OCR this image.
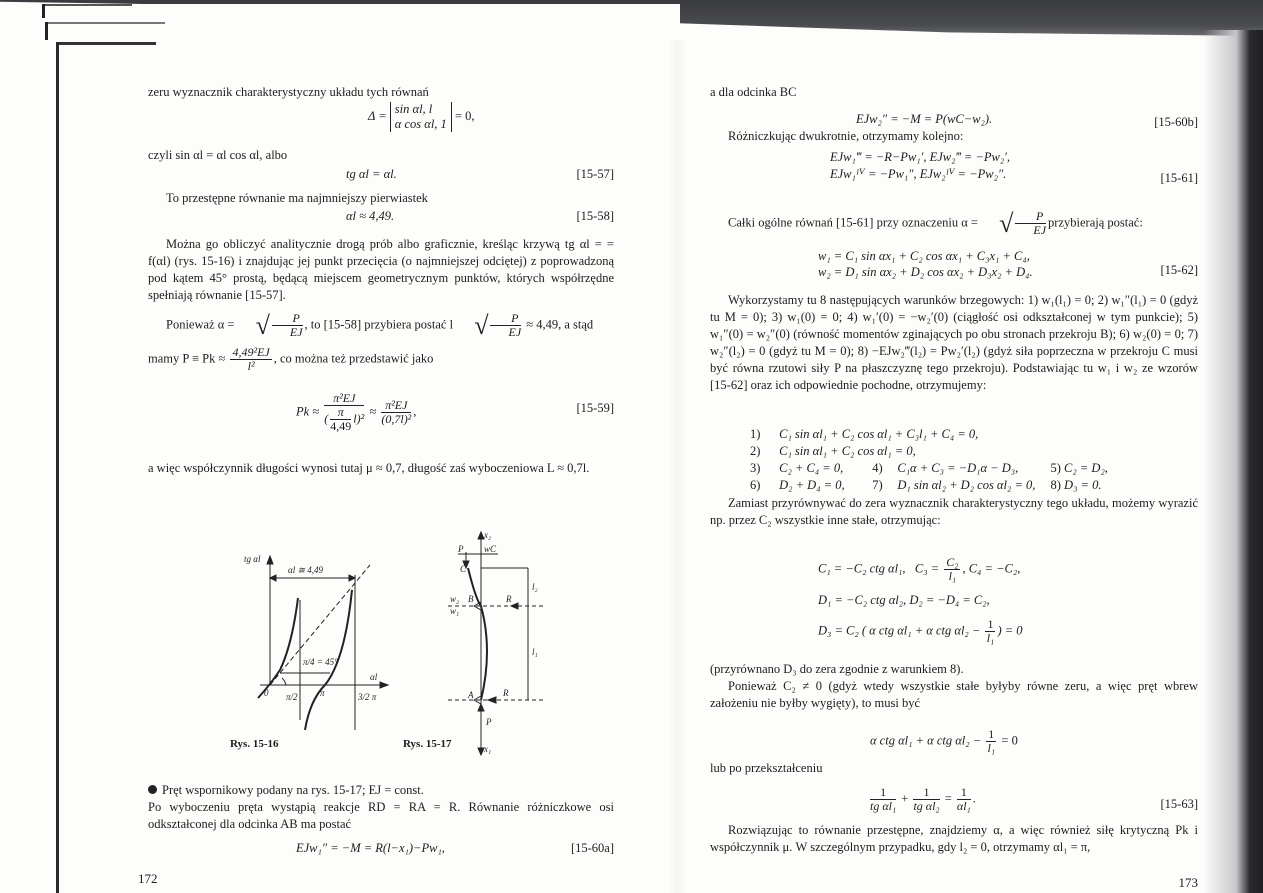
zeru wyznacznik charakterystyczny układu tych równań
Δ = sin αl, l
α cos αl, 1
= 0,
czyli sin αl = αl cos αl, albo
tg αl = αl.	[15-57]
To przestępne równanie ma najmniejszy pierwiastek
αl ≈ 4,49.	[15-58]
Można go obliczyć analitycznie drogą prób albo graficznie, kreśląc krzywą tg αl = = f(αl) (rys. 15-16) i znajdując jej punkt przecięcia (o najmniejszej odciętej) z poprowadzoną pod kątem 45° prostą, będącą miejscem geometrycznym punktów, których współrzędne spełniają równanie [15-57].
Ponieważ α = √ $\frac{P}{EJ}$ , to [15-58] przybiera postać l √ $\frac{P}{EJ} \approx 4,49$, a stąd
mamy $P \equiv Pk \approx \frac{\text{4,49²EJ}}{\text{l²}}$ , co można też przedstawić jako
$Pk \approx \frac{\text{π²EJ}}{( \frac{\pi}{4,49} l)^2} \approx \frac{\text{π²EJ}}{\text{(0,7l)²}}$ ,	[15-59]
a więc współczynnik długości wynosi tutaj μ ≈ 0,7, długość zaś wyboczeniowa L ≈ 0,7l.
tg αl
αl
αl ≅ 4,49
π/4 = 45°
0 π/2 π	3/2 π
Rys. 15-16
x₂
P wC
C
B	R
w₂
w₁
l₂
l₁
A	R
P
x₁
Rys. 15-17
Pręt wspornikowy podany na rys. 15-17; EJ = const.
Po wyboczeniu pręta wystąpią reakcje RD = RA = R. Równanie różniczkowe osi odkształconej dla odcinka AB ma postać
EJw₁″ = −M = R(l−x₁)−Pw₁,	[15-60a]
172
a dla odcinka BC
EJw₂″ = −M = P(wC−w₂).	[15-60b]
Różniczkując dwukrotnie, otrzymamy kolejno:
EJw₁‴ = −R−Pw₁′, EJw₂‴ = −Pw₂′,
EJw₁ᴵⱽ = −Pw₁″, EJw₂ᴵⱽ = −Pw₂″.	[15-61]
Całki ogólne równań [15-61] przy oznaczeniu α = √ $\frac{P}{EJ}$ przybierają postać:
w₁ = C₁ sin αx₁ + C₂ cos αx₁ + C₃x₁ + C₄,
w₂ = D₁ sin αx₂ + D₂ cos αx₂ + D₃x₂ + D₄.	[15-62]
Wykorzystamy tu 8 następujących warunków brzegowych: 1) w₁(l₁) = 0; 2) w₁″(l₁) = 0 (gdyż tu M = 0); 3) w₁(0) = 0; 4) w₁′(0) = −w₂′(0) (ciągłość osi odkształconej w tym punkcie); 5) w₁″(0) = w₂″(0) (równość momentów zginających po obu stronach przekroju B); 6) w₂(0) = 0; 7) w₂″(l₂) = 0 (gdyż tu M = 0); 8) −EJw₂‴(l₂) = Pw₂′(l₂) (gdyż siła poprzeczna w przekroju C musi być równa rzutowi siły P na płaszczyznę tego przekroju). Podstawiając tu w₁ i w₂ ze wzorów [15-62] oraz ich odpowiednie pochodne, otrzymujemy:
1) C₁ sin αl₁ + C₂ cos αl₁ + C₃l₁ + C₄ = 0,
2) C₁ sin αl₁ + C₂ cos αl₁ = 0,
3) C₂ + C₄ = 0, 4) C₁α + C₃ = −D₁α − D₃,	5) C₂ = D₂,
6) D₂ + D₄ = 0, 7) D₁ sin αl₂ + D₂ cos αl₂ = 0, 8) D₃ = 0.
Zamiast przyrównywać do zera wyznacznik charakterystyczny tego układu, możemy wyrazić np. przez C₂ wszystkie inne stałe, otrzymując:
C₁ = −C₂ ctg αl₁, $C_3 = \frac{\text{C₂}}{\text{l₁}}$ , C₄ = −C₂,
D₁ = −C₂ ctg αl₂, D₂ = −D₄ = C₂,
D₃ = C₂ ( α ctg αl₁ + α ctg $\alpha l_2 - \frac{1}{\text{l₁}}$ ) = 0
(przyrównano D₃ do zera zgodnie z warunkiem 8).
Ponieważ C₂ ≠ 0 (gdyż wtedy wszystkie stałe byłyby równe zeru, a więc pręt wbrew założeniu nie byłby wygięty), to musi być
α ctg αl₁ + α ctg $\alpha l_2 - \frac{1}{\text{l₁}} = 0$
lub po przekształceniu
$\frac{1}{\text{tg αl₁}} + \frac{1}{\text{tg αl₂}} = \frac{1}{\text{αl₁}}$ .	[15-63]
Rozwiązując to równanie przestępne, znajdziemy α, a więc również siłę krytyczną Pk i współczynnik μ. W szczególnym przypadku, gdy l₂ = 0, otrzymamy αl₁ = π,
173
